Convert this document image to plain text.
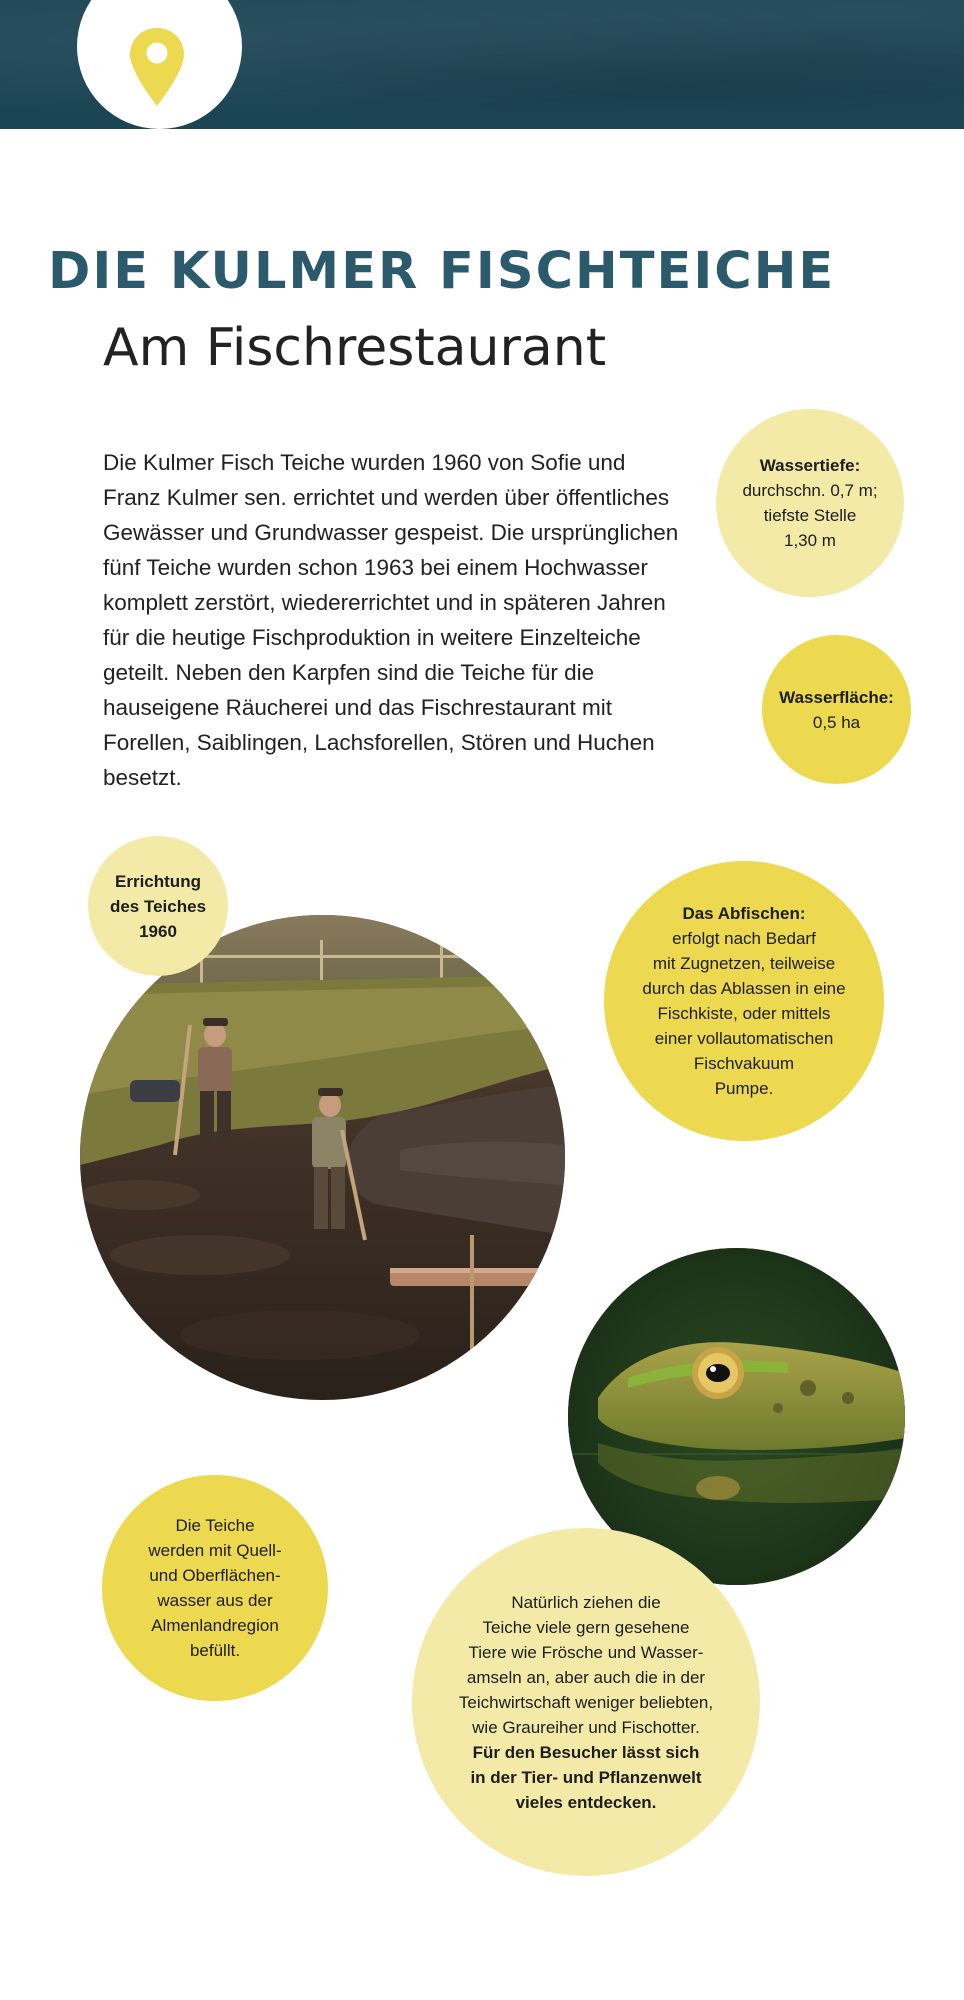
DIE KULMER FISCHTEICHE
Am Fischrestaurant

Die Kulmer Fisch Teiche wurden 1960 von Sofie und Franz Kulmer sen. errichtet und werden über öffentliches Gewässer und Grundwasser gespeist. Die ursprünglichen fünf Teiche wurden schon 1963 bei einem Hochwasser komplett zerstört, wiedererrichtet und in späteren Jahren für die heutige Fischproduktion in weitere Einzelteiche geteilt. Neben den Karpfen sind die Teiche für die hauseigene Räucherei und das Fischrestaurant mit Forellen, Saiblingen, Lachsforellen, Stören und Huchen besetzt.

Wassertiefe:

durchschn. 0,7 m;

tiefste Stelle

1,30 m

Wasserfläche:

0,5 ha

Errichtung

des Teiches

1960

Das Abfischen:

erfolgt nach Bedarf

mit Zugnetzen, teilweise

durch das Ablassen in eine

Fischkiste, oder mittels

einer vollautomatischen

Fischvakuum

Pumpe.

Die Teiche

werden mit Quell-

und Oberflächen-

wasser aus der

Almenlandregion

befüllt.

Natürlich ziehen die

Teiche viele gern gesehene

Tiere wie Frösche und Wasser-

amseln an, aber auch die in der

Teichwirtschaft weniger beliebten,

wie Graureiher und Fischotter.

Für den Besucher lässt sich

in der Tier- und Pflanzenwelt

vieles entdecken.
